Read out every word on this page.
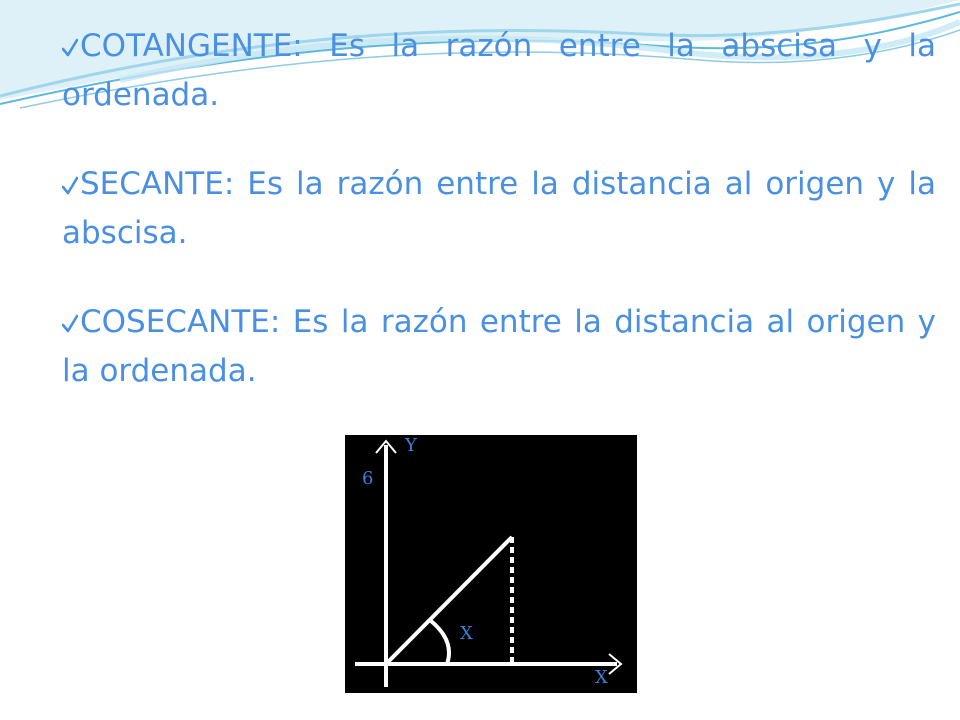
COTANGENTE: Es la razón entre la abscisa y la ordenada.

SECANTE: Es la razón entre la distancia al origen y la abscisa.

COSECANTE: Es la razón entre la distancia al origen y la ordenada.

Y
6
X
X
